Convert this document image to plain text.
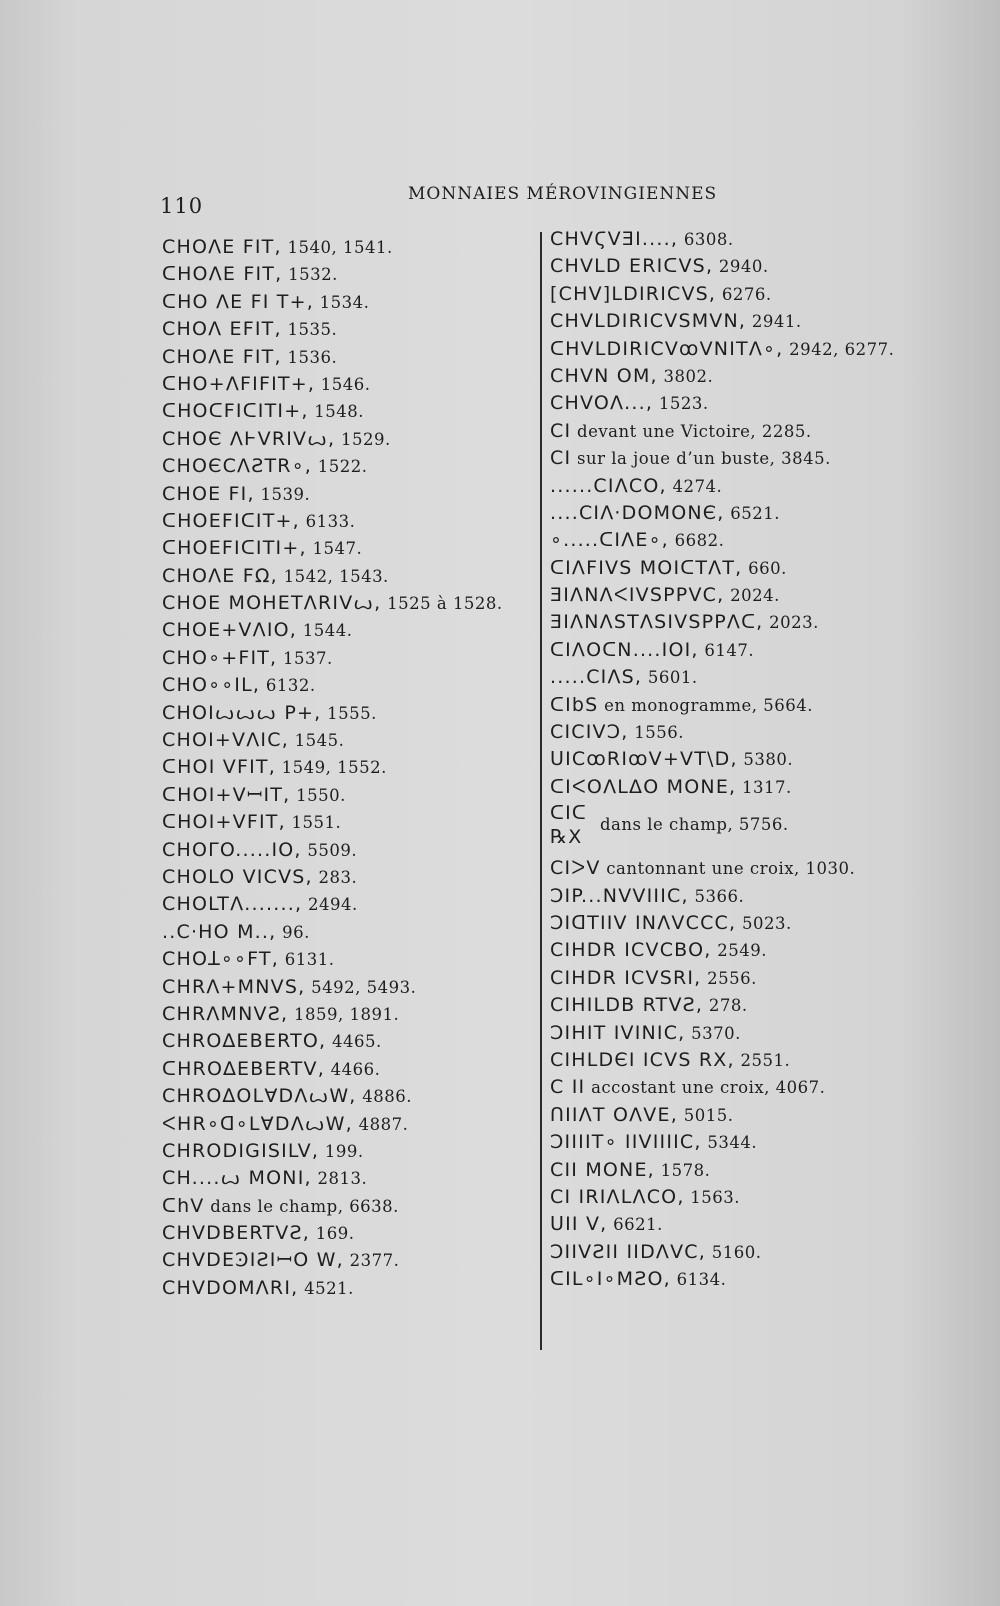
110	MONNAIES MÉROVINGIENNES
CHOΛE FIT, 1540, 1541.
ᑕHOΛE FIT, 1532.
ᑕHO ΛE FI T+, 1534.
CHOΛ EFIT, 1535.
CHOΛE FIT, 1536.
ᑕHO+ΛFIFIT+, 1546.
ᑕHOᑕFIᑕITI+, 1548.
CHOЄ ΛⱵVRIVꙍ, 1529.
CHOЄCΛƧTR∘, 1522.
CHOE FI, 1539.
ᑕHOEFIᑕIT+, 6133.
ᑕHOEFIᑕITI+, 1547.
CHOΛE FΩ, 1542, 1543.
CHOE MOHETΛRIVꙍ, 1525 à 1528.
CHOE+VΛIO, 1544.
CHO∘+FIT, 1537.
CHO∘∘IL, 6132.
CHOIꙍꙍꙍ P+, 1555.
CHOI+VΛIC, 1545.
ᑕHOI VFIT, 1549, 1552.
ᑕHOI+VꟷIT, 1550.
ᑕHOI+VFIT, 1551.
CHOΓO.....IO, 5509.
CHOLO VICVS, 283.
CHOLTΛ......., 2494.
..C·HO M.., 96.
CHOꓕ∘∘FT, 6131.
CHRΛ+MNVS, 5492, 5493.
CHRΛMNVƧ, 1859, 1891.
CHRO∆EBERTO, 4465.
ᑕHRO∆EBERTV, 4466.
CHRO∆OLⱯDΛꙍW, 4886.
ᐸHR∘ᗡ∘LⱯDΛꙍW, 4887.
CHRODIGISILV, 199.
CH....ꙍ MONI, 2813.
ᑕhV dans le champ, 6638.
CHVDBERTVƧ, 169.
CHVDEϿIƧIꟷO W, 2377.
CHVDOMΛRI, 4521.
CHVϚVƎI...., 6308.
CHVLD ERIᑕVS, 2940.
[CHV]LDIRICVS, 6276.
CHVLDIRICVSMVN, 2941.
ᑕHVLDIRICVꝏVNITΛ∘, 2942, 6277.
CHVN OM, 3802.
CHVOΛ..., 1523.
CI devant une Victoire, 2285.
CI sur la joue d’un buste, 3845.
......CIΛCO, 4274.
....CIΛ·DOMONЄ, 6521.
∘.....ᑕIΛE∘, 6682.
ᑕIΛFIVS MOIᑕTΛT, 660.
ƎIΛNΛᐸIVSPPVC, 2024.
ƎIΛNΛSTΛSIVSPPΛᑕ, 2023.
ᑕIΛOᑕN....IOI, 6147.
.....CIΛS, 5601.
ᑕIbS en monogramme, 5664.
CICIVƆ, 1556.
ᑌICꝏRIꝏV+VT\D, 5380.
ᑕIᐸOΛLΔO MONE, 1317.
ᑕIᑕ
℞X
dans le champ, 5756.
CIᐳV cantonnant une croix, 1030.
ƆIP...NVVIIIC, 5366.
ƆIᗡTIIV INΛVCCC, 5023.
CIHDR ICVCBO, 2549.
CIHDR ICVSRI, 2556.
CIHILDB RTVƧ, 278.
ƆIHIT IVINIC, 5370.
CIHLDЄI ICVS RX, 2551.
C II accostant une croix, 4067.
ᑎIIΛT OΛVE, 5015.
ƆIIIIT∘ IIVIIIIC, 5344.
CII MONE, 1578.
CI IRIΛLΛCO, 1563.
ᑌII V, 6621.
ƆIIVƧII IIDΛVC, 5160.
ᑕIL∘I∘MƧO, 6134.
